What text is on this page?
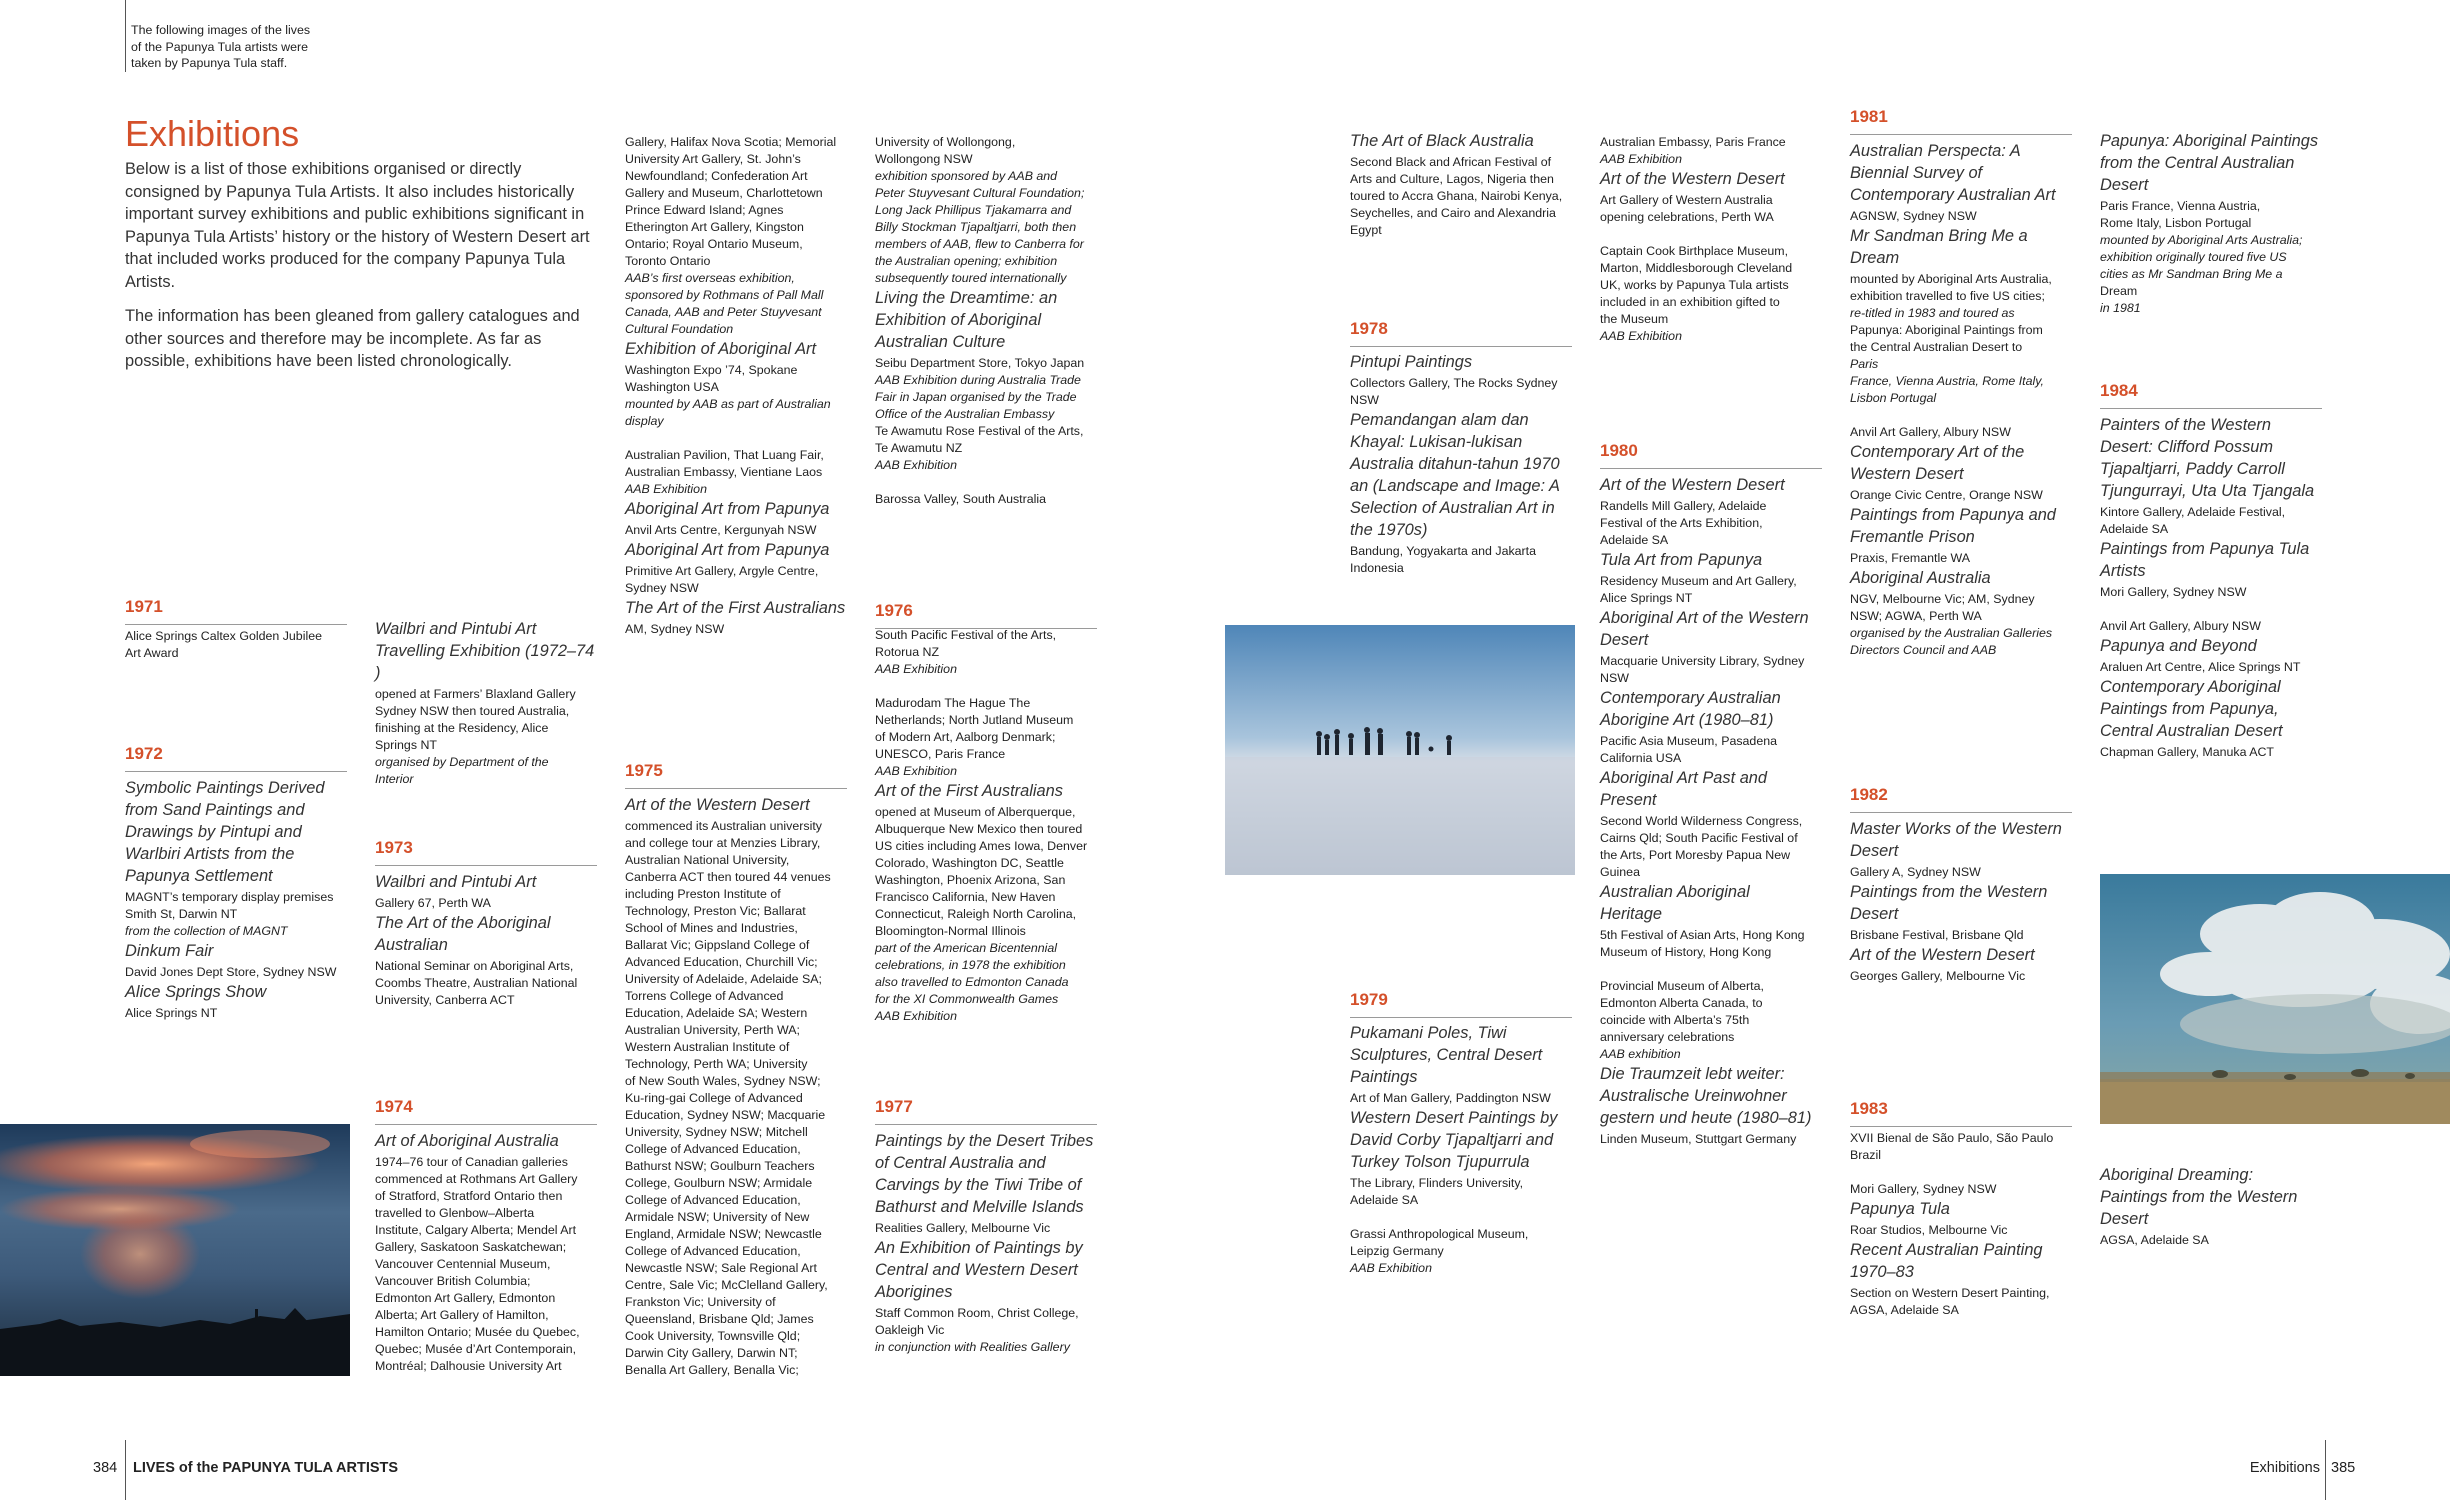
The following images of the lives
of the Papunya Tula artists were
taken by Papunya Tula staff.
Exhibitions

Below is a list of those exhibitions organised or directly consigned by Papunya Tula Artists. It also includes historically important survey exhibitions and public exhibitions significant in Papunya Tula Artists’ history or the history of Western Desert art that included works produced for the company Papunya Tula Artists.

The information has been gleaned from gallery catalogues and other sources and therefore may be incomplete. As far as possible, exhibitions have been listed chronologically.

1971
1972
1973
1974
1975
1976
1977
1978
1979
1980
1981
1982
1983
1984
Alice Springs Caltex Golden Jubilee
Art Award
Symbolic Paintings Derived
from Sand Paintings and
Drawings by Pintupi and
Warlbiri Artists from the
Papunya Settlement
MAGNT’s temporary display premises
Smith St, Darwin NT
from the collection of MAGNT
Dinkum Fair
David Jones Dept Store, Sydney NSW
Alice Springs Show
Alice Springs NT
Wailbri and Pintubi Art
Travelling Exhibition (1972–74 )
opened at Farmers’ Blaxland Gallery
Sydney NSW then toured Australia,
finishing at the Residency, Alice
Springs NT
organised by Department of the
Interior
Wailbri and Pintubi Art
Gallery 67, Perth WA
The Art of the Aboriginal
Australian
National Seminar on Aboriginal Arts,
Coombs Theatre, Australian National
University, Canberra ACT
Art of Aboriginal Australia
1974–76 tour of Canadian galleries
commenced at Rothmans Art Gallery
of Stratford, Stratford Ontario then
travelled to Glenbow–Alberta
Institute, Calgary Alberta; Mendel Art
Gallery, Saskatoon Saskatchewan;
Vancouver Centennial Museum,
Vancouver British Columbia;
Edmonton Art Gallery, Edmonton
Alberta; Art Gallery of Hamilton,
Hamilton Ontario; Musée du Quebec,
Quebec; Musée d’Art Contemporain,
Montréal; Dalhousie University Art
Gallery, Halifax Nova Scotia; Memorial
University Art Gallery, St. John’s
Newfoundland; Confederation Art
Gallery and Museum, Charlottetown
Prince Edward Island; Agnes
Etherington Art Gallery, Kingston
Ontario; Royal Ontario Museum,
Toronto Ontario
AAB’s first overseas exhibition,
sponsored by Rothmans of Pall Mall
Canada, AAB and Peter Stuyvesant
Cultural Foundation
Exhibition of Aboriginal Art
Washington Expo ’74, Spokane
Washington USA
mounted by AAB as part of Australian
display
Australian Pavilion, That Luang Fair,
Australian Embassy, Vientiane Laos
AAB Exhibition
Aboriginal Art from Papunya
Anvil Arts Centre, Kergunyah NSW
Aboriginal Art from Papunya
Primitive Art Gallery, Argyle Centre,
Sydney NSW
The Art of the First Australians
AM, Sydney NSW
Art of the Western Desert
commenced its Australian university
and college tour at Menzies Library,
Australian National University,
Canberra ACT then toured 44 venues
including Preston Institute of
Technology, Preston Vic; Ballarat
School of Mines and Industries,
Ballarat Vic; Gippsland College of
Advanced Education, Churchill Vic;
University of Adelaide, Adelaide SA;
Torrens College of Advanced
Education, Adelaide SA; Western
Australian University, Perth WA;
Western Australian Institute of
Technology, Perth WA; University
of New South Wales, Sydney NSW;
Ku-ring-gai College of Advanced
Education, Sydney NSW; Macquarie
University, Sydney NSW; Mitchell
College of Advanced Education,
Bathurst NSW; Goulburn Teachers
College, Goulburn NSW; Armidale
College of Advanced Education,
Armidale NSW; University of New
England, Armidale NSW; Newcastle
College of Advanced Education,
Newcastle NSW; Sale Regional Art
Centre, Sale Vic; McClelland Gallery,
Frankston Vic; University of
Queensland, Brisbane Qld; James
Cook University, Townsville Qld;
Darwin City Gallery, Darwin NT;
Benalla Art Gallery, Benalla Vic;
University of Wollongong,
Wollongong NSW
exhibition sponsored by AAB and
Peter Stuyvesant Cultural Foundation;
Long Jack Phillipus Tjakamarra and
Billy Stockman Tjapaltjarri, both then
members of AAB, flew to Canberra for
the Australian opening; exhibition
subsequently toured internationally
Living the Dreamtime: an
Exhibition of Aboriginal
Australian Culture
Seibu Department Store, Tokyo Japan
AAB Exhibition during Australia Trade
Fair in Japan organised by the Trade
Office of the Australian Embassy
Te Awamutu Rose Festival of the Arts,
Te Awamutu NZ
AAB Exhibition
Barossa Valley, South Australia
South Pacific Festival of the Arts,
Rotorua NZ
AAB Exhibition
Madurodam The Hague The
Netherlands; North Jutland Museum
of Modern Art, Aalborg Denmark;
UNESCO, Paris France
AAB Exhibition
Art of the First Australians
opened at Museum of Alberquerque,
Albuquerque New Mexico then toured
US cities including Ames Iowa, Denver
Colorado, Washington DC, Seattle
Washington, Phoenix Arizona, San
Francisco California, New Haven
Connecticut, Raleigh North Carolina,
Bloomington-Normal Illinois
part of the American Bicentennial
celebrations, in 1978 the exhibition
also travelled to Edmonton Canada
for the XI Commonwealth Games
AAB Exhibition
Paintings by the Desert Tribes
of Central Australia and
Carvings by the Tiwi Tribe of
Bathurst and Melville Islands
Realities Gallery, Melbourne Vic
An Exhibition of Paintings by
Central and Western Desert
Aborigines
Staff Common Room, Christ College,
Oakleigh Vic
in conjunction with Realities Gallery
The Art of Black Australia
Second Black and African Festival of
Arts and Culture, Lagos, Nigeria then
toured to Accra Ghana, Nairobi Kenya,
Seychelles, and Cairo and Alexandria
Egypt
Pintupi Paintings
Collectors Gallery, The Rocks Sydney
NSW
Pemandangan alam dan
Khayal: Lukisan-lukisan
Australia ditahun-tahun 1970
an (Landscape and Image: A
Selection of Australian Art in
the 1970s)
Bandung, Yogyakarta and Jakarta
Indonesia
Pukamani Poles, Tiwi
Sculptures, Central Desert
Paintings
Art of Man Gallery, Paddington NSW
Western Desert Paintings by
David Corby Tjapaltjarri and
Turkey Tolson Tjupurrula
The Library, Flinders University,
Adelaide SA
Grassi Anthropological Museum,
Leipzig Germany
AAB Exhibition
Australian Embassy, Paris France
AAB Exhibition
Art of the Western Desert
Art Gallery of Western Australia
opening celebrations, Perth WA
Captain Cook Birthplace Museum,
Marton, Middlesborough Cleveland
UK, works by Papunya Tula artists
included in an exhibition gifted to
the Museum
AAB Exhibition
Art of the Western Desert
Randells Mill Gallery, Adelaide
Festival of the Arts Exhibition,
Adelaide SA
Tula Art from Papunya
Residency Museum and Art Gallery,
Alice Springs NT
Aboriginal Art of the Western
Desert
Macquarie University Library, Sydney
NSW
Contemporary Australian
Aborigine Art (1980–81)
Pacific Asia Museum, Pasadena
California USA
Aboriginal Art Past and
Present
Second World Wilderness Congress,
Cairns Qld; South Pacific Festival of
the Arts, Port Moresby Papua New
Guinea
Australian Aboriginal
Heritage
5th Festival of Asian Arts, Hong Kong
Museum of History, Hong Kong
Provincial Museum of Alberta,
Edmonton Alberta Canada, to
coincide with Alberta’s 75th
anniversary celebrations
AAB exhibition
Die Traumzeit lebt weiter:
Australische Ureinwohner
gestern und heute (1980–81)
Linden Museum, Stuttgart Germany
Australian Perspecta: A
Biennial Survey of
Contemporary Australian Art
AGNSW, Sydney NSW
Mr Sandman Bring Me a
Dream
mounted by Aboriginal Arts Australia,
exhibition travelled to five US cities;
re-titled in 1983 and toured as
Papunya: Aboriginal Paintings from
the Central Australian Desert to
Paris
France, Vienna Austria, Rome Italy,
Lisbon Portugal
Anvil Art Gallery, Albury NSW
Contemporary Art of the
Western Desert
Orange Civic Centre, Orange NSW
Paintings from Papunya and
Fremantle Prison
Praxis, Fremantle WA
Aboriginal Australia
NGV, Melbourne Vic; AM, Sydney
NSW; AGWA, Perth WA
organised by the Australian Galleries
Directors Council and AAB
Master Works of the Western
Desert
Gallery A, Sydney NSW
Paintings from the Western
Desert
Brisbane Festival, Brisbane Qld
Art of the Western Desert
Georges Gallery, Melbourne Vic
XVII Bienal de São Paulo, São Paulo
Brazil
Mori Gallery, Sydney NSW
Papunya Tula
Roar Studios, Melbourne Vic
Recent Australian Painting
1970–83
Section on Western Desert Painting,
AGSA, Adelaide SA
Papunya: Aboriginal Paintings
from the Central Australian
Desert
Paris France, Vienna Austria,
Rome Italy, Lisbon Portugal
mounted by Aboriginal Arts Australia;
exhibition originally toured five US
cities as Mr Sandman Bring Me a
Dream
in 1981
Painters of the Western
Desert: Clifford Possum
Tjapaltjarri, Paddy Carroll
Tjungurrayi, Uta Uta Tjangala
Kintore Gallery, Adelaide Festival,
Adelaide SA
Paintings from Papunya Tula
Artists
Mori Gallery, Sydney NSW
Anvil Art Gallery, Albury NSW
Papunya and Beyond
Araluen Art Centre, Alice Springs NT
Contemporary Aboriginal
Paintings from Papunya,
Central Australian Desert
Chapman Gallery, Manuka ACT
Aboriginal Dreaming:
Paintings from the Western
Desert
AGSA, Adelaide SA
384 LIVES of the PAPUNYA TULA ARTISTS	Exhibitions 385
